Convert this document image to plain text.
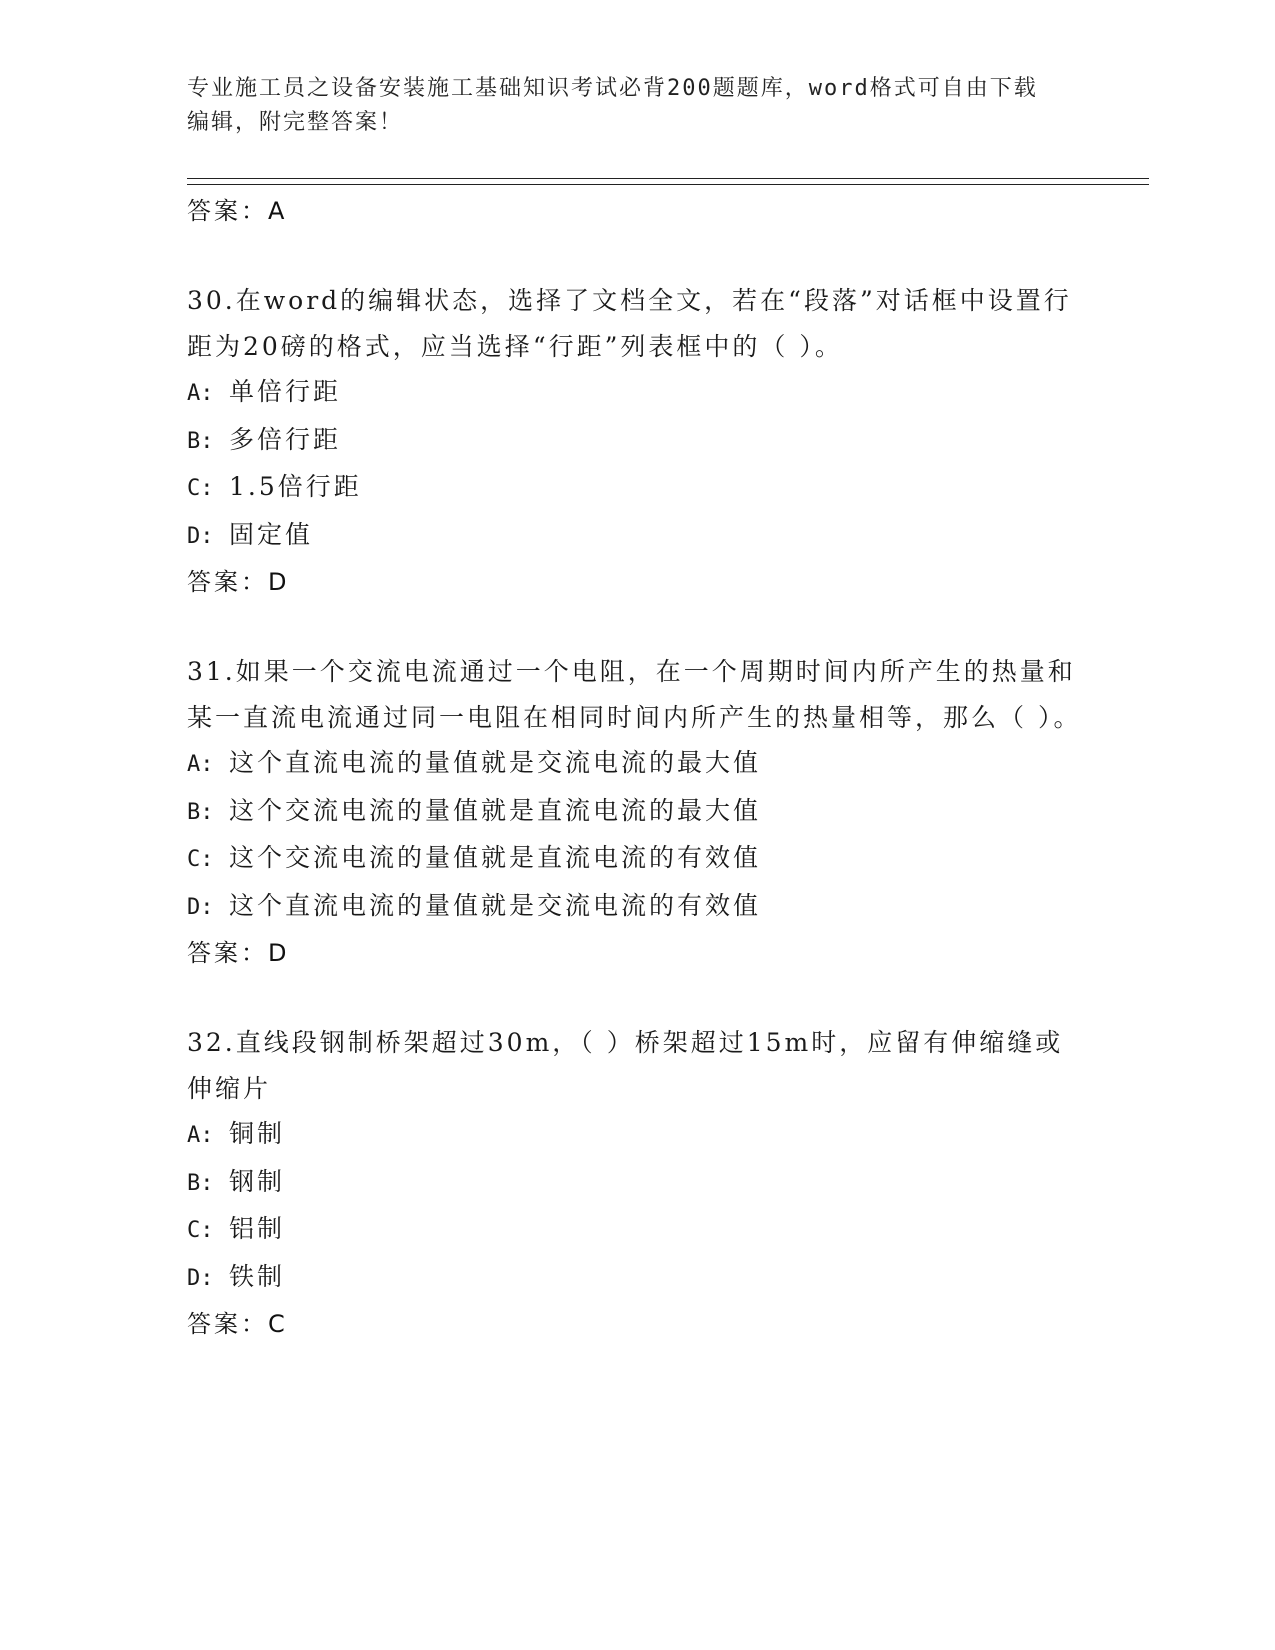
专业施工员之设备安装施工基础知识考试必背200题题库，word格式可自由下载
编辑，附完整答案！
答案：A
30.在word的编辑状态，选择了文档全文，若在“段落”对话框中设置行距为20磅的格式，应当选择“行距”列表框中的（ ）。
A: 单倍行距
B: 多倍行距
C: 1.5倍行距
D: 固定值
答案：D
31.如果一个交流电流通过一个电阻，在一个周期时间内所产生的热量和某一直流电流通过同一电阻在相同时间内所产生的热量相等，那么（ ）。
A: 这个直流电流的量值就是交流电流的最大值
B: 这个交流电流的量值就是直流电流的最大值
C: 这个交流电流的量值就是直流电流的有效值
D: 这个直流电流的量值就是交流电流的有效值
答案：D
32.直线段钢制桥架超过30m，（ ）桥架超过15m时，应留有伸缩缝或伸缩片
A: 铜制
B: 钢制
C: 铝制
D: 铁制
答案：C
